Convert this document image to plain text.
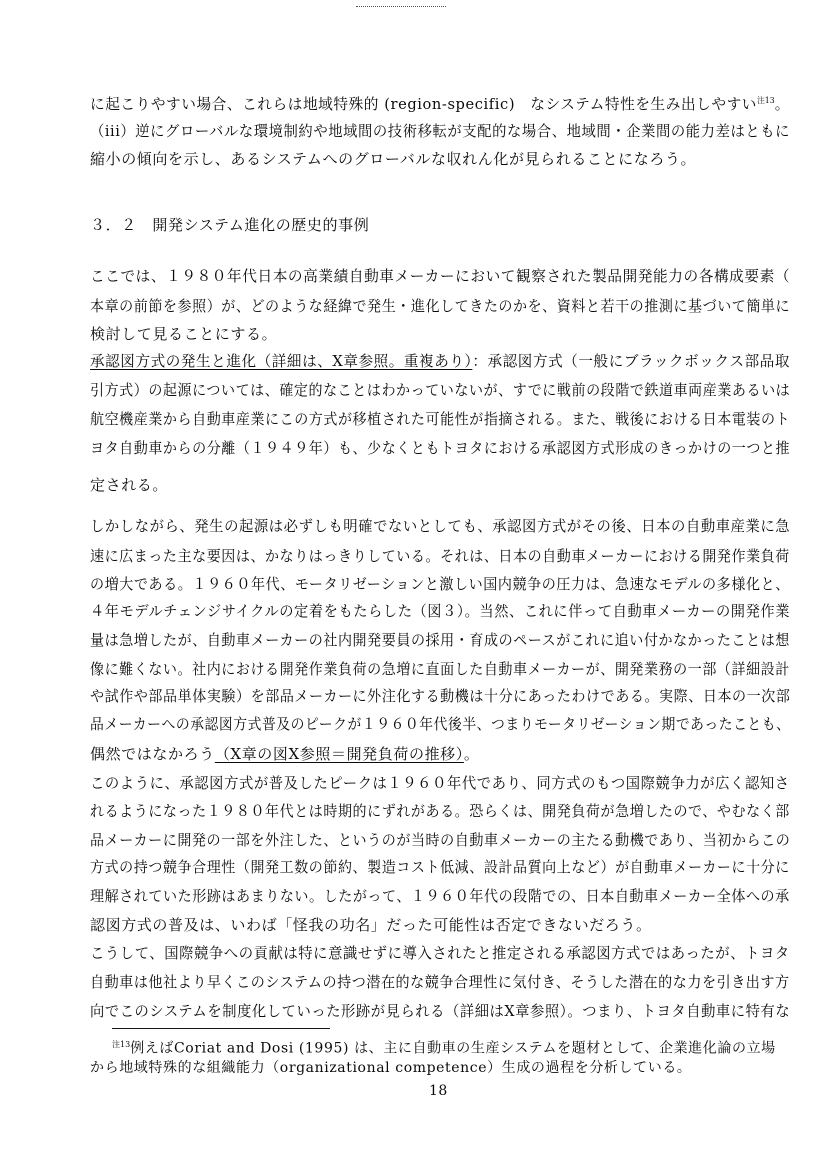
に起こりやすい場合、これらは地域特殊的 (region-specific)　なシステム特性を生み出しやすい$^{注13}$。
（iii）逆にグローバルな環境制約や地域間の技術移転が支配的な場合、地域間・企業間の能力差はともに
縮小の傾向を示し、あるシステムへのグローバルな収れん化が見られることになろう。
３．２　開発システム進化の歴史的事例
ここでは、１９８０年代日本の高業績自動車メーカーにおいて観察された製品開発能力の各構成要素（
本章の前節を参照）が、どのような経緯で発生・進化してきたのかを、資料と若干の推測に基づいて簡単に
検討して見ることにする。
承認図方式の発生と進化（詳細は、X章参照。重複あり）：承認図方式（一般にブラックボックス部品取
引方式）の起源については、確定的なことはわかっていないが、すでに戦前の段階で鉄道車両産業あるいは
航空機産業から自動車産業にこの方式が移植された可能性が指摘される。また、戦後における日本電装のト
ヨタ自動車からの分離（１９４９年）も、少なくともトヨタにおける承認図方式形成のきっかけの一つと推
定される。
しかしながら、発生の起源は必ずしも明確でないとしても、承認図方式がその後、日本の自動車産業に急
速に広まった主な要因は、かなりはっきりしている。それは、日本の自動車メーカーにおける開発作業負荷
の増大である。１９６０年代、モータリゼーションと激しい国内競争の圧力は、急速なモデルの多様化と、
４年モデルチェンジサイクルの定着をもたらした（図３）。当然、これに伴って自動車メーカーの開発作業
量は急増したが、自動車メーカーの社内開発要員の採用・育成のペースがこれに追い付かなかったことは想
像に難くない。社内における開発作業負荷の急増に直面した自動車メーカーが、開発業務の一部（詳細設計
や試作や部品単体実験）を部品メーカーに外注化する動機は十分にあったわけである。実際、日本の一次部
品メーカーへの承認図方式普及のピークが１９６０年代後半、つまりモータリゼーション期であったことも、
偶然ではなかろう（X章の図X参照＝開発負荷の推移）。
このように、承認図方式が普及したピークは１９６０年代であり、同方式のもつ国際競争力が広く認知さ
れるようになった１９８０年代とは時期的にずれがある。恐らくは、開発負荷が急増したので、やむなく部
品メーカーに開発の一部を外注した、というのが当時の自動車メーカーの主たる動機であり、当初からこの
方式の持つ競争合理性（開発工数の節約、製造コスト低減、設計品質向上など）が自動車メーカーに十分に
理解されていた形跡はあまりない。したがって、１９６０年代の段階での、日本自動車メーカー全体への承
認図方式の普及は、いわば「怪我の功名」だった可能性は否定できないだろう。
こうして、国際競争への貢献は特に意識せずに導入されたと推定される承認図方式ではあったが、トヨタ
自動車は他社より早くこのシステムの持つ潜在的な競争合理性に気付き、そうした潜在的な力を引き出す方
向でこのシステムを制度化していった形跡が見られる（詳細はX章参照）。つまり、トヨタ自動車に特有な
$^{注13}$例えばCoriat and Dosi (1995) は、主に自動車の生産システムを題材として、企業進化論の立場
から地域特殊的な組織能力（organizational competence）生成の過程を分析している。
18
